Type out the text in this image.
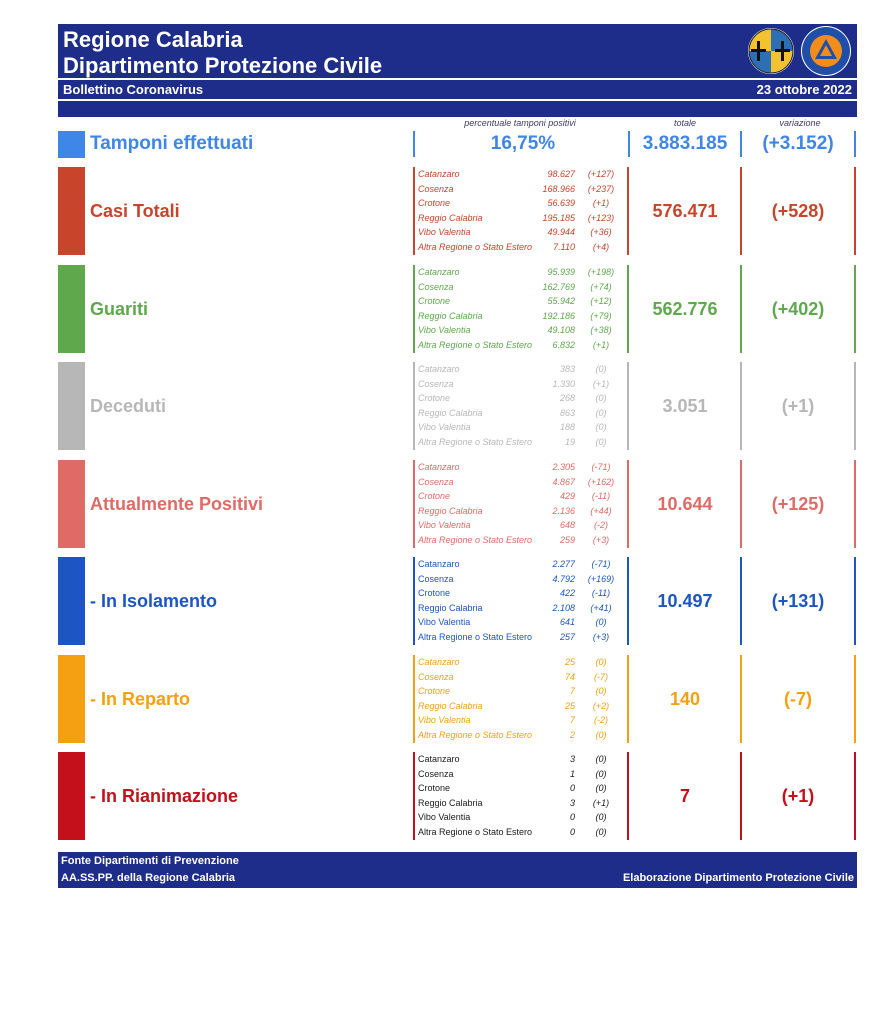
Regione Calabria
Dipartimento Protezione Civile
Bollettino Coronavirus	23 ottobre 2022
percentuale tamponi positivi	totale	variazione
Tamponi effettuati	16,75%	3.883.185	(+3.152)
Casi Totali
Catanzaro	98.627	(+127)
Cosenza	168.966	(+237)
Crotone	56.639	(+1)
Reggio Calabria	195.185	(+123)
Vibo Valentia	49.944	(+36)
Altra Regione o Stato Estero 7.110	(+4)
576.471	(+528)
Guariti
Catanzaro	95.939	(+198)
Cosenza	162.769	(+74)
Crotone	55.942	(+12)
Reggio Calabria	192.186	(+79)
Vibo Valentia	49.108	(+38)
Altra Regione o Stato Estero 6.832	(+1)
562.776	(+402)
Deceduti
Catanzaro	383	(0)
Cosenza	1.330	(+1)
Crotone	268	(0)
Reggio Calabria	863	(0)
Vibo Valentia	188	(0)
Altra Regione o Stato Estero	19	(0)
3.051	(+1)
Attualmente Positivi
Catanzaro	2.305	(-71)
Cosenza	4.867	(+162)
Crotone	429	(-11)
Reggio Calabria	2.136	(+44)
Vibo Valentia	648	(-2)
Altra Regione o Stato Estero	259	(+3)
10.644	(+125)
- In Isolamento
Catanzaro	2.277	(-71)
Cosenza	4.792	(+169)
Crotone	422	(-11)
Reggio Calabria	2.108	(+41)
Vibo Valentia	641	(0)
Altra Regione o Stato Estero	257	(+3)
10.497	(+131)
- In Reparto
Catanzaro	25	(0)
Cosenza	74	(-7)
Crotone	7	(0)
Reggio Calabria	25	(+2)
Vibo Valentia	7	(-2)
Altra Regione o Stato Estero	2	(0)
140	(-7)
- In Rianimazione
Catanzaro	3	(0)
Cosenza	1	(0)
Crotone	0	(0)
Reggio Calabria	3	(+1)
Vibo Valentia	0	(0)
Altra Regione o Stato Estero	0	(0)
7	(+1)
Fonte Dipartimenti di Prevenzione
AA.SS.PP. della Regione Calabria	Elaborazione Dipartimento Protezione Civile
